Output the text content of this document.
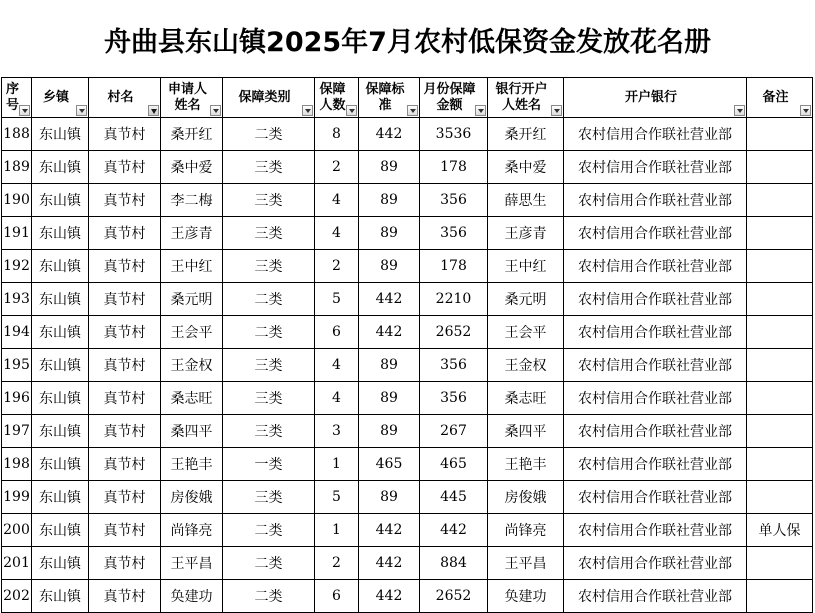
舟曲县东山镇2025年7月农村低保资金发放花名册
序号	乡镇	村名	申请人姓名	保障类别	保障人数	保障标准	月份保障金额	银行开户人姓名	开户银行	备注

188	东山镇	真节村	桑开红	二类	8	442	3536	桑开红	农村信用合作联社营业部	
189	东山镇	真节村	桑中爱	三类	2	89	178	桑中爱	农村信用合作联社营业部	
190	东山镇	真节村	李二梅	三类	4	89	356	薛思生	农村信用合作联社营业部	
191	东山镇	真节村	王彦青	三类	4	89	356	王彦青	农村信用合作联社营业部	
192	东山镇	真节村	王中红	三类	2	89	178	王中红	农村信用合作联社营业部	
193	东山镇	真节村	桑元明	二类	5	442	2210	桑元明	农村信用合作联社营业部	
194	东山镇	真节村	王会平	二类	6	442	2652	王会平	农村信用合作联社营业部	
195	东山镇	真节村	王金权	三类	4	89	356	王金权	农村信用合作联社营业部	
196	东山镇	真节村	桑志旺	三类	4	89	356	桑志旺	农村信用合作联社营业部	
197	东山镇	真节村	桑四平	三类	3	89	267	桑四平	农村信用合作联社营业部	
198	东山镇	真节村	王艳丰	一类	1	465	465	王艳丰	农村信用合作联社营业部	
199	东山镇	真节村	房俊娥	三类	5	89	445	房俊娥	农村信用合作联社营业部	
200	东山镇	真节村	尚锋亮	二类	1	442	442	尚锋亮	农村信用合作联社营业部	单人保
201	东山镇	真节村	王平昌	二类	2	442	884	王平昌	农村信用合作联社营业部	
202	东山镇	真节村	奂建功	二类	6	442	2652	奂建功	农村信用合作联社营业部	
